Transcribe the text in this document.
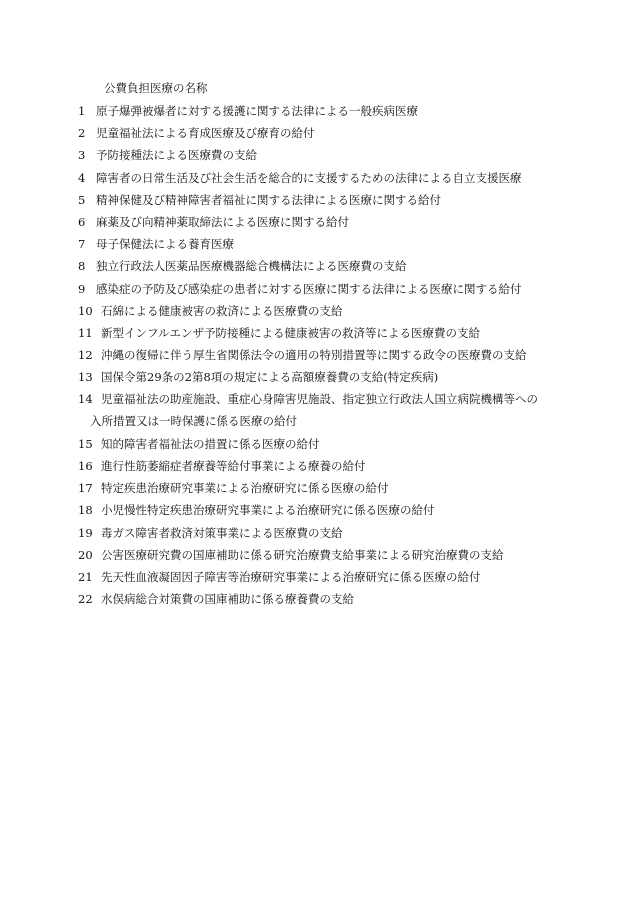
公費負担医療の名称
1 原子爆弾被爆者に対する援護に関する法律による一般疾病医療
2 児童福祉法による育成医療及び療育の給付
3 予防接種法による医療費の支給
4 障害者の日常生活及び社会生活を総合的に支援するための法律による自立支援医療
5 精神保健及び精神障害者福祉に関する法律による医療に関する給付
6 麻薬及び向精神薬取締法による医療に関する給付
7 母子保健法による養育医療
8 独立行政法人医薬品医療機器総合機構法による医療費の支給
9 感染症の予防及び感染症の患者に対する医療に関する法律による医療に関する給付
10 石綿による健康被害の救済による医療費の支給
11 新型インフルエンザ予防接種による健康被害の救済等による医療費の支給
12 沖縄の復帰に伴う厚生省関係法令の適用の特別措置等に関する政令の医療費の支給
13 国保令第29条の2第8項の規定による高額療養費の支給(特定疾病)
14 児童福祉法の助産施設、重症心身障害児施設、指定独立行政法人国立病院機構等への
入所措置又は一時保護に係る医療の給付
15 知的障害者福祉法の措置に係る医療の給付
16 進行性筋萎縮症者療養等給付事業による療養の給付
17 特定疾患治療研究事業による治療研究に係る医療の給付
18 小児慢性特定疾患治療研究事業による治療研究に係る医療の給付
19 毒ガス障害者救済対策事業による医療費の支給
20 公害医療研究費の国庫補助に係る研究治療費支給事業による研究治療費の支給
21 先天性血液凝固因子障害等治療研究事業による治療研究に係る医療の給付
22 水俣病総合対策費の国庫補助に係る療養費の支給
